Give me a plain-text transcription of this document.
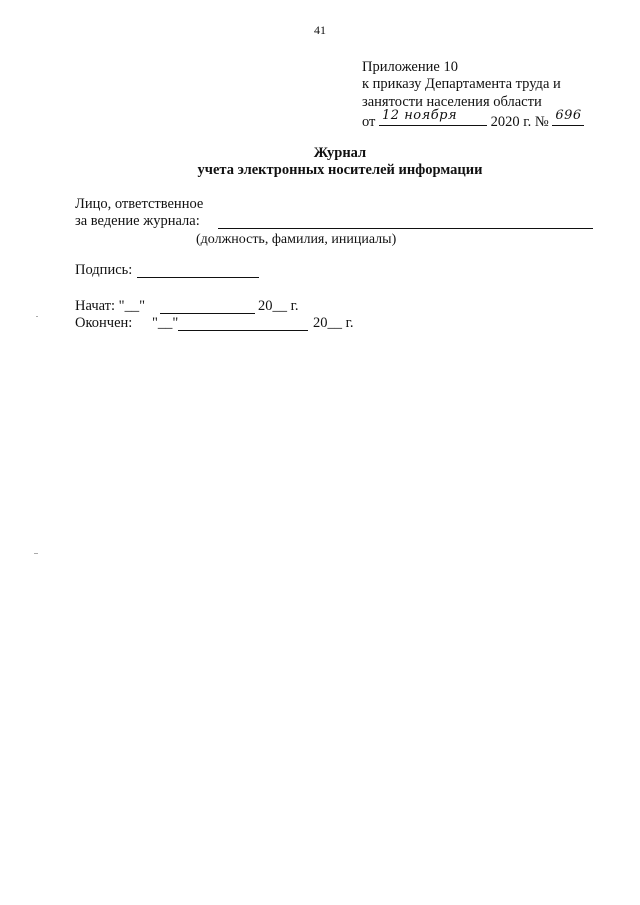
41
Приложение 10
к приказу Департамента труда и
занятости населения области
от 12 ноября 2020 г. № 696
Журнал
учета электронных носителей информации
Лицо, ответственное
за ведение журнала:
(должность, фамилия, инициалы)
Подпись:
Начат: "__"	20__ г.
Окончен: "__"	20__ г.
